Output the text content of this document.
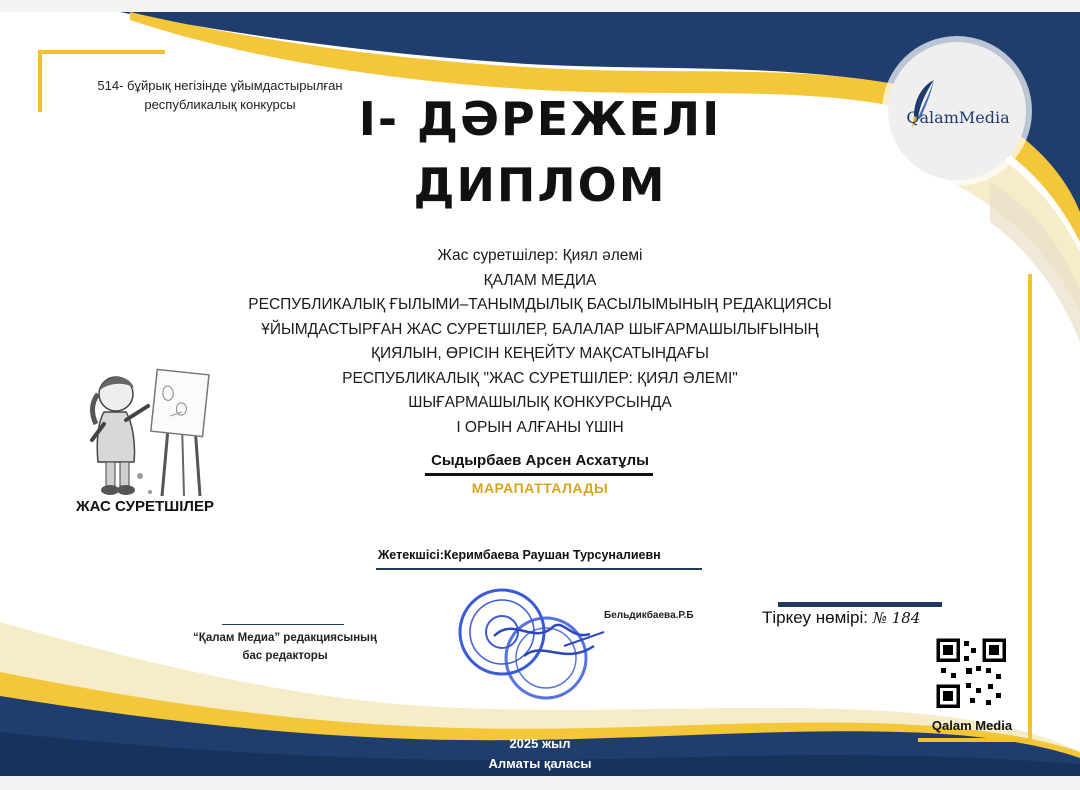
514- бұйрық негізінде ұйымдастырылған
республикалық конкурсы	І- ДӘРЕЖЕЛІ
ДИПЛОМ
QalamMedia
Жас суретшілер: Қиял әлемі
ҚАЛАМ МЕДИА
РЕСПУБЛИКАЛЫҚ ҒЫЛЫМИ–ТАНЫМДЫЛЫҚ БАСЫЛЫМЫНЫҢ РЕДАКЦИЯСЫ
ҰЙЫМДАСТЫРҒАН ЖАС СУРЕТШІЛЕР, БАЛАЛАР ШЫҒАРМАШЫЛЫҒЫНЫҢ
ҚИЯЛЫН, ӨРІСІН КЕҢЕЙТУ МАҚСАТЫНДАҒЫ
РЕСПУБЛИКАЛЫҚ "ЖАС СУРЕТШІЛЕР: ҚИЯЛ ӘЛЕМІ"
ШЫҒАРМАШЫЛЫҚ КОНКУРСЫНДА
І ОРЫН АЛҒАНЫ ҮШІН
ЖАС СУРЕТШІЛЕР
Сыдырбаев Арсен Асхатұлы
МАРАПАТТАЛАДЫ
Жетекшісі:Керимбаева Раушан Турсуналиевн
“Қалам Медиа” редакциясының
бас редакторы
Бельдикбаева.Р.Б	Тіркеу нөмірі: № 184
Qalam Media
2025 жыл
Алматы қаласы
